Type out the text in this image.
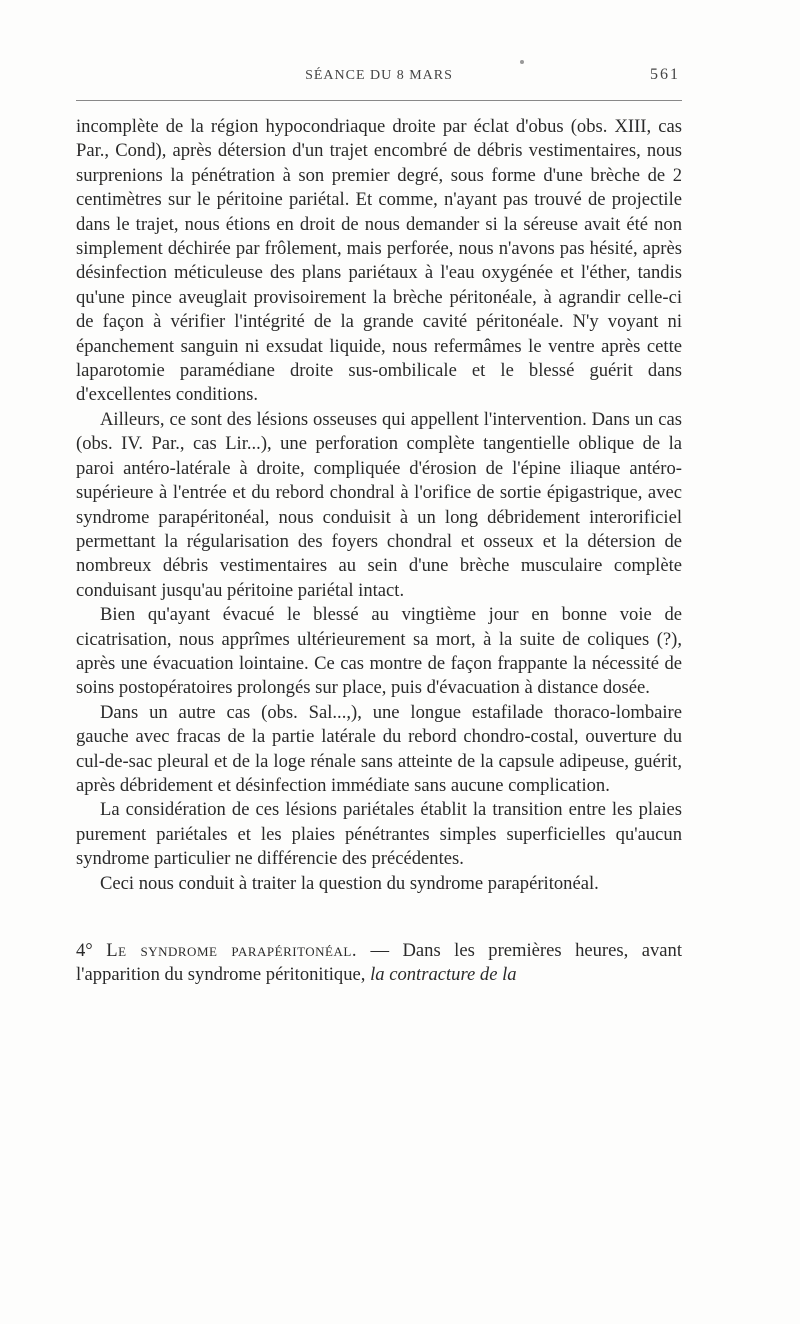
SÉANCE DU 8 MARS	561

incomplète de la région hypocondriaque droite par éclat d'obus (obs. XIII, cas Par., Cond), après détersion d'un trajet encombré de débris vestimentaires, nous surprenions la pénétration à son premier degré, sous forme d'une brèche de 2 centimètres sur le péritoine pariétal. Et comme, n'ayant pas trouvé de projectile dans le trajet, nous étions en droit de nous demander si la séreuse avait été non simplement déchirée par frôlement, mais perforée, nous n'avons pas hésité, après désinfection méticuleuse des plans pariétaux à l'eau oxygénée et l'éther, tandis qu'une pince aveuglait provisoirement la brèche péritonéale, à agrandir celle-ci de façon à vérifier l'intégrité de la grande cavité péritonéale. N'y voyant ni épanchement sanguin ni exsudat liquide, nous refermâmes le ventre après cette laparotomie paramédiane droite sus-ombilicale et le blessé guérit dans d'excellentes conditions.

Ailleurs, ce sont des lésions osseuses qui appellent l'intervention. Dans un cas (obs. IV. Par., cas Lir...), une perforation complète tangentielle oblique de la paroi antéro-latérale à droite, compliquée d'érosion de l'épine iliaque antéro-supérieure à l'entrée et du rebord chondral à l'orifice de sortie épigastrique, avec syndrome parapéritonéal, nous conduisit à un long débridement interorificiel permettant la régularisation des foyers chondral et osseux et la détersion de nombreux débris vestimentaires au sein d'une brèche musculaire complète conduisant jusqu'au péritoine pariétal intact.

Bien qu'ayant évacué le blessé au vingtième jour en bonne voie de cicatrisation, nous apprîmes ultérieurement sa mort, à la suite de coliques (?), après une évacuation lointaine. Ce cas montre de façon frappante la nécessité de soins postopératoires prolongés sur place, puis d'évacuation à distance dosée.

Dans un autre cas (obs. Sal...,), une longue estafilade thoraco-lombaire gauche avec fracas de la partie latérale du rebord chondro-costal, ouverture du cul-de-sac pleural et de la loge rénale sans atteinte de la capsule adipeuse, guérit, après débridement et désinfection immédiate sans aucune complication.

La considération de ces lésions pariétales établit la transition entre les plaies purement pariétales et les plaies pénétrantes simples superficielles qu'aucun syndrome particulier ne différencie des précédentes.

Ceci nous conduit à traiter la question du syndrome parapéritonéal.

4° Le syndrome parapéritonéal. — Dans les premières heures, avant l'apparition du syndrome péritonitique, la contracture de la
